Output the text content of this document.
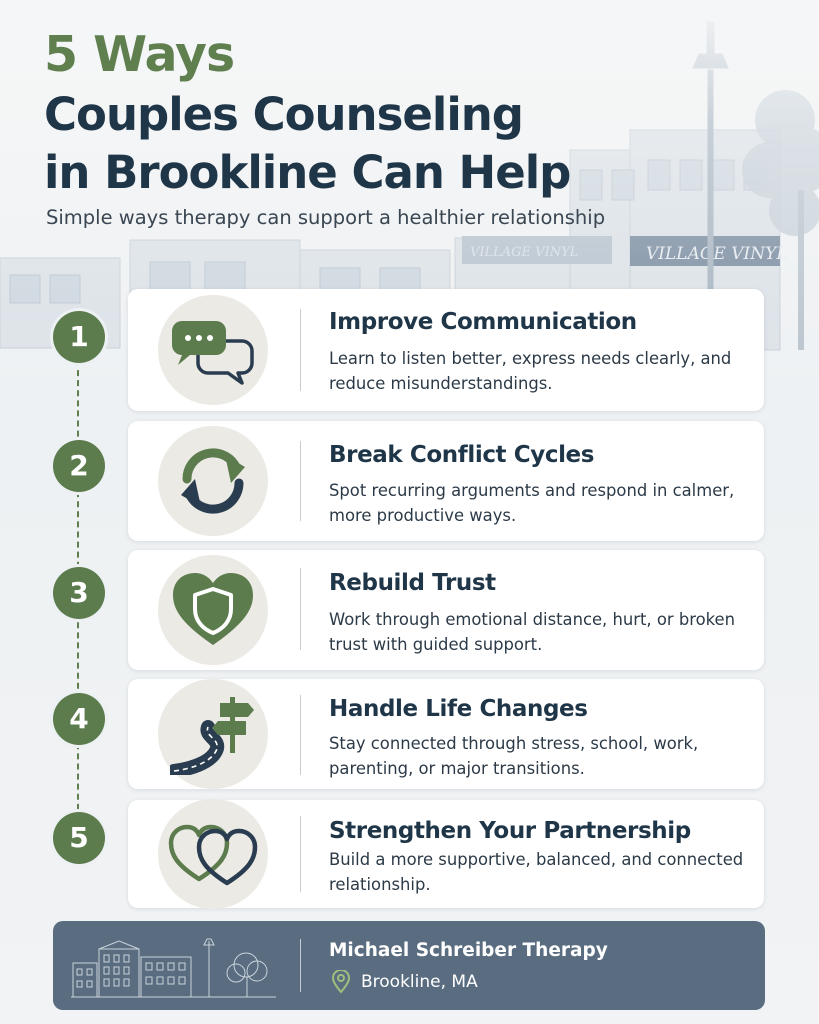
5 Ways
Couples Counseling
in Brookline Can Help
Simple ways therapy can support a healthier relationship
1	Improve Communication
Learn to listen better, express needs clearly, and reduce misunderstandings.
2	Break Conflict Cycles
Spot recurring arguments and respond in calmer, more productive ways.
3	Rebuild Trust
Work through emotional distance, hurt, or broken trust with guided support.
4	Handle Life Changes
Stay connected through stress, school, work, parenting, or major transitions.
5	Strengthen Your Partnership
Build a more supportive, balanced, and connected relationship.
Michael Schreiber Therapy
Brookline, MA
